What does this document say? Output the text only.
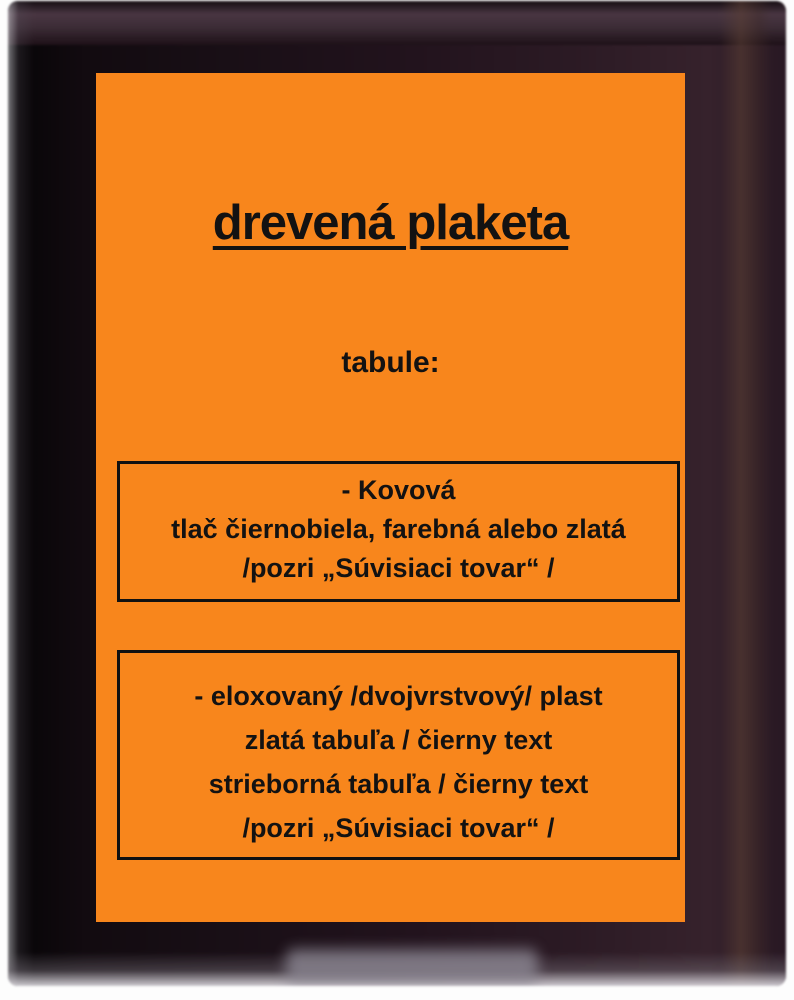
drevená plaketa
tabule:
- Kovová
tlač čiernobiela, farebná alebo zlatá
/pozri „Súvisiaci tovar“ /
- eloxovaný /dvojvrstvový/ plast
zlatá tabuľa / čierny text
strieborná tabuľa / čierny text
/pozri „Súvisiaci tovar“ /
